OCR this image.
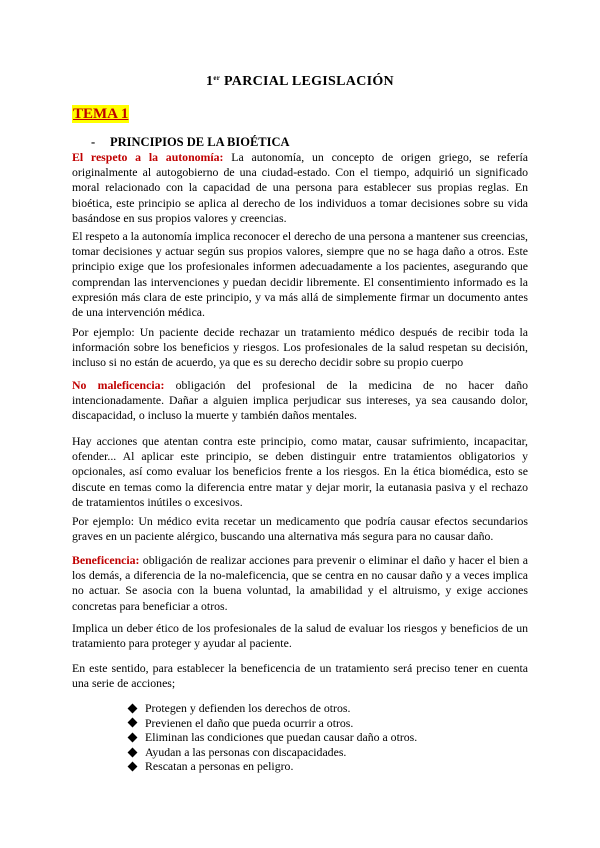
1er PARCIAL LEGISLACIÓN
TEMA 1
- PRINCIPIOS DE LA BIOÉTICA

El respeto a la autonomía: La autonomía, un concepto de origen griego, se refería originalmente al autogobierno de una ciudad-estado. Con el tiempo, adquirió un significado moral relacionado con la capacidad de una persona para establecer sus propias reglas. En bioética, este principio se aplica al derecho de los individuos a tomar decisiones sobre su vida basándose en sus propios valores y creencias.

El respeto a la autonomía implica reconocer el derecho de una persona a mantener sus creencias, tomar decisiones y actuar según sus propios valores, siempre que no se haga daño a otros. Este principio exige que los profesionales informen adecuadamente a los pacientes, asegurando que comprendan las intervenciones y puedan decidir libremente. El consentimiento informado es la expresión más clara de este principio, y va más allá de simplemente firmar un documento antes de una intervención médica.

Por ejemplo: Un paciente decide rechazar un tratamiento médico después de recibir toda la información sobre los beneficios y riesgos. Los profesionales de la salud respetan su decisión, incluso si no están de acuerdo, ya que es su derecho decidir sobre su propio cuerpo

No maleficencia: obligación del profesional de la medicina de no hacer daño intencionadamente. Dañar a alguien implica perjudicar sus intereses, ya sea causando dolor, discapacidad, o incluso la muerte y también daños mentales.

Hay acciones que atentan contra este principio, como matar, causar sufrimiento, incapacitar, ofender... Al aplicar este principio, se deben distinguir entre tratamientos obligatorios y opcionales, así como evaluar los beneficios frente a los riesgos. En la ética biomédica, esto se discute en temas como la diferencia entre matar y dejar morir, la eutanasia pasiva y el rechazo de tratamientos inútiles o excesivos.

Por ejemplo: Un médico evita recetar un medicamento que podría causar efectos secundarios graves en un paciente alérgico, buscando una alternativa más segura para no causar daño.

Beneficencia: obligación de realizar acciones para prevenir o eliminar el daño y hacer el bien a los demás, a diferencia de la no-maleficencia, que se centra en no causar daño y a veces implica no actuar. Se asocia con la buena voluntad, la amabilidad y el altruismo, y exige acciones concretas para beneficiar a otros.

Implica un deber ético de los profesionales de la salud de evaluar los riesgos y beneficios de un tratamiento para proteger y ayudar al paciente.

En este sentido, para establecer la beneficencia de un tratamiento será preciso tener en cuenta una serie de acciones;

Protegen y defienden los derechos de otros.
Previenen el daño que pueda ocurrir a otros.
Eliminan las condiciones que puedan causar daño a otros.
Ayudan a las personas con discapacidades.
Rescatan a personas en peligro.
